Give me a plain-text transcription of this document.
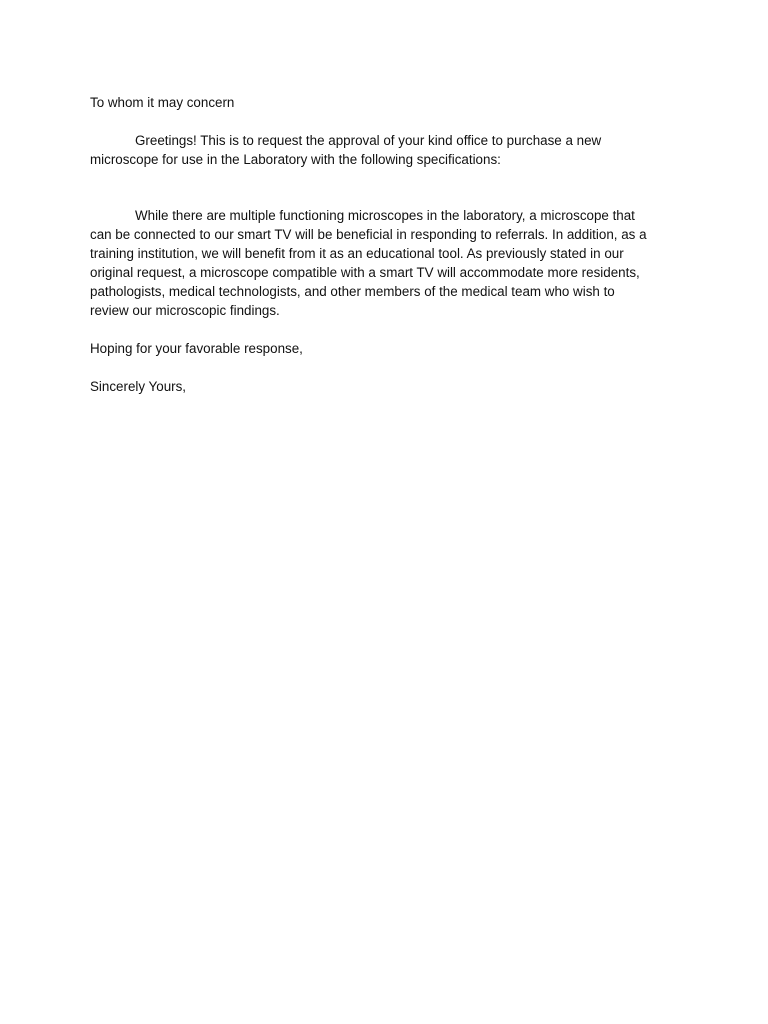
To whom it may concern

Greetings! This is to request the approval of your kind office to purchase a new
microscope for use in the Laboratory with the following specifications:

While there are multiple functioning microscopes in the laboratory, a microscope that
can be connected to our smart TV will be beneficial in responding to referrals. In addition, as a
training institution, we will benefit from it as an educational tool. As previously stated in our
original request, a microscope compatible with a smart TV will accommodate more residents,
pathologists, medical technologists, and other members of the medical team who wish to
review our microscopic findings.

Hoping for your favorable response,

Sincerely Yours,
